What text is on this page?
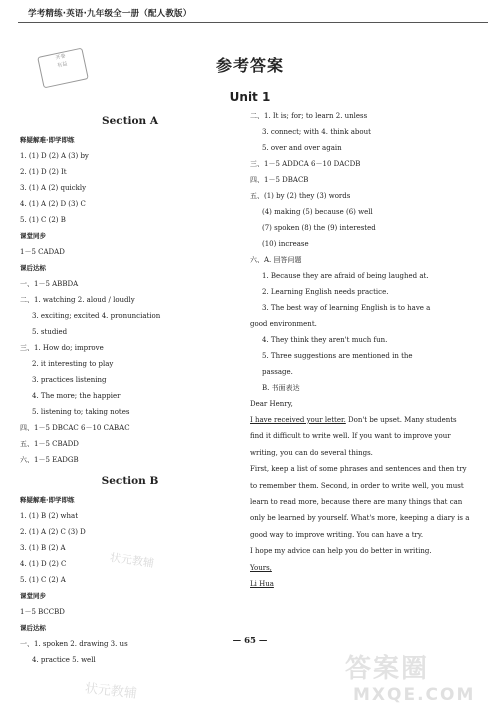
学考精练·英语·九年级全一册（配人教版）
开卷
有益	参考答案
Unit 1
Section A
释疑解难·即学即练
1. (1) D (2) A (3) by
2. (1) D (2) It
3. (1) A (2) quickly
4. (1) A (2) D (3) C
5. (1) C (2) B
课堂同步
1－5 CADAD
课后达标
一、1－5 ABBDA
二、1. watching 2. aloud / loudly
3. exciting; excited 4. pronunciation
5. studied
三、1. How do; improve
2. it interesting to play
3. practices listening
4. The more; the happier
5. listening to; taking notes
四、1－5 DBCAC 6－10 CABAC
五、1－5 CBADD
六、1－5 EADGB
Section B
释疑解难·即学即练
1. (1) B (2) what
2. (1) A (2) C (3) D
3. (1) B (2) A
4. (1) D (2) C
5. (1) C (2) A
课堂同步
1－5 BCCBD
课后达标
一、1. spoken 2. drawing 3. us
4. practice 5. well
二、1. It is; for; to learn 2. unless
3. connect; with 4. think about
5. over and over again
三、1－5 ADDCA 6－10 DACDB
四、1－5 DBACB
五、(1) by (2) they (3) words
(4) making (5) because (6) well
(7) spoken (8) the (9) interested
(10) increase
六、A. 回答问题
1. Because they are afraid of being laughed at.
2. Learning English needs practice.
3. The best way of learning English is to have a
good environment.
4. They think they aren't much fun.
5. Three suggestions are mentioned in the
passage.
B. 书面表达
Dear Henry,
I have received your letter. Don't be upset. Many students find it difficult to write well. If you want to improve your writing, you can do several things.
First, keep a list of some phrases and sentences and then try to remember them. Second, in order to write well, you must learn to read more, because there are many things that can only be learned by yourself. What's more, keeping a diary is a good way to improve writing. You can have a try.
I hope my advice can help you do better in writing.
Yours,
Li Hua
— 65 —
状元教辅
状元教辅
答案圈
MXQE.COM
